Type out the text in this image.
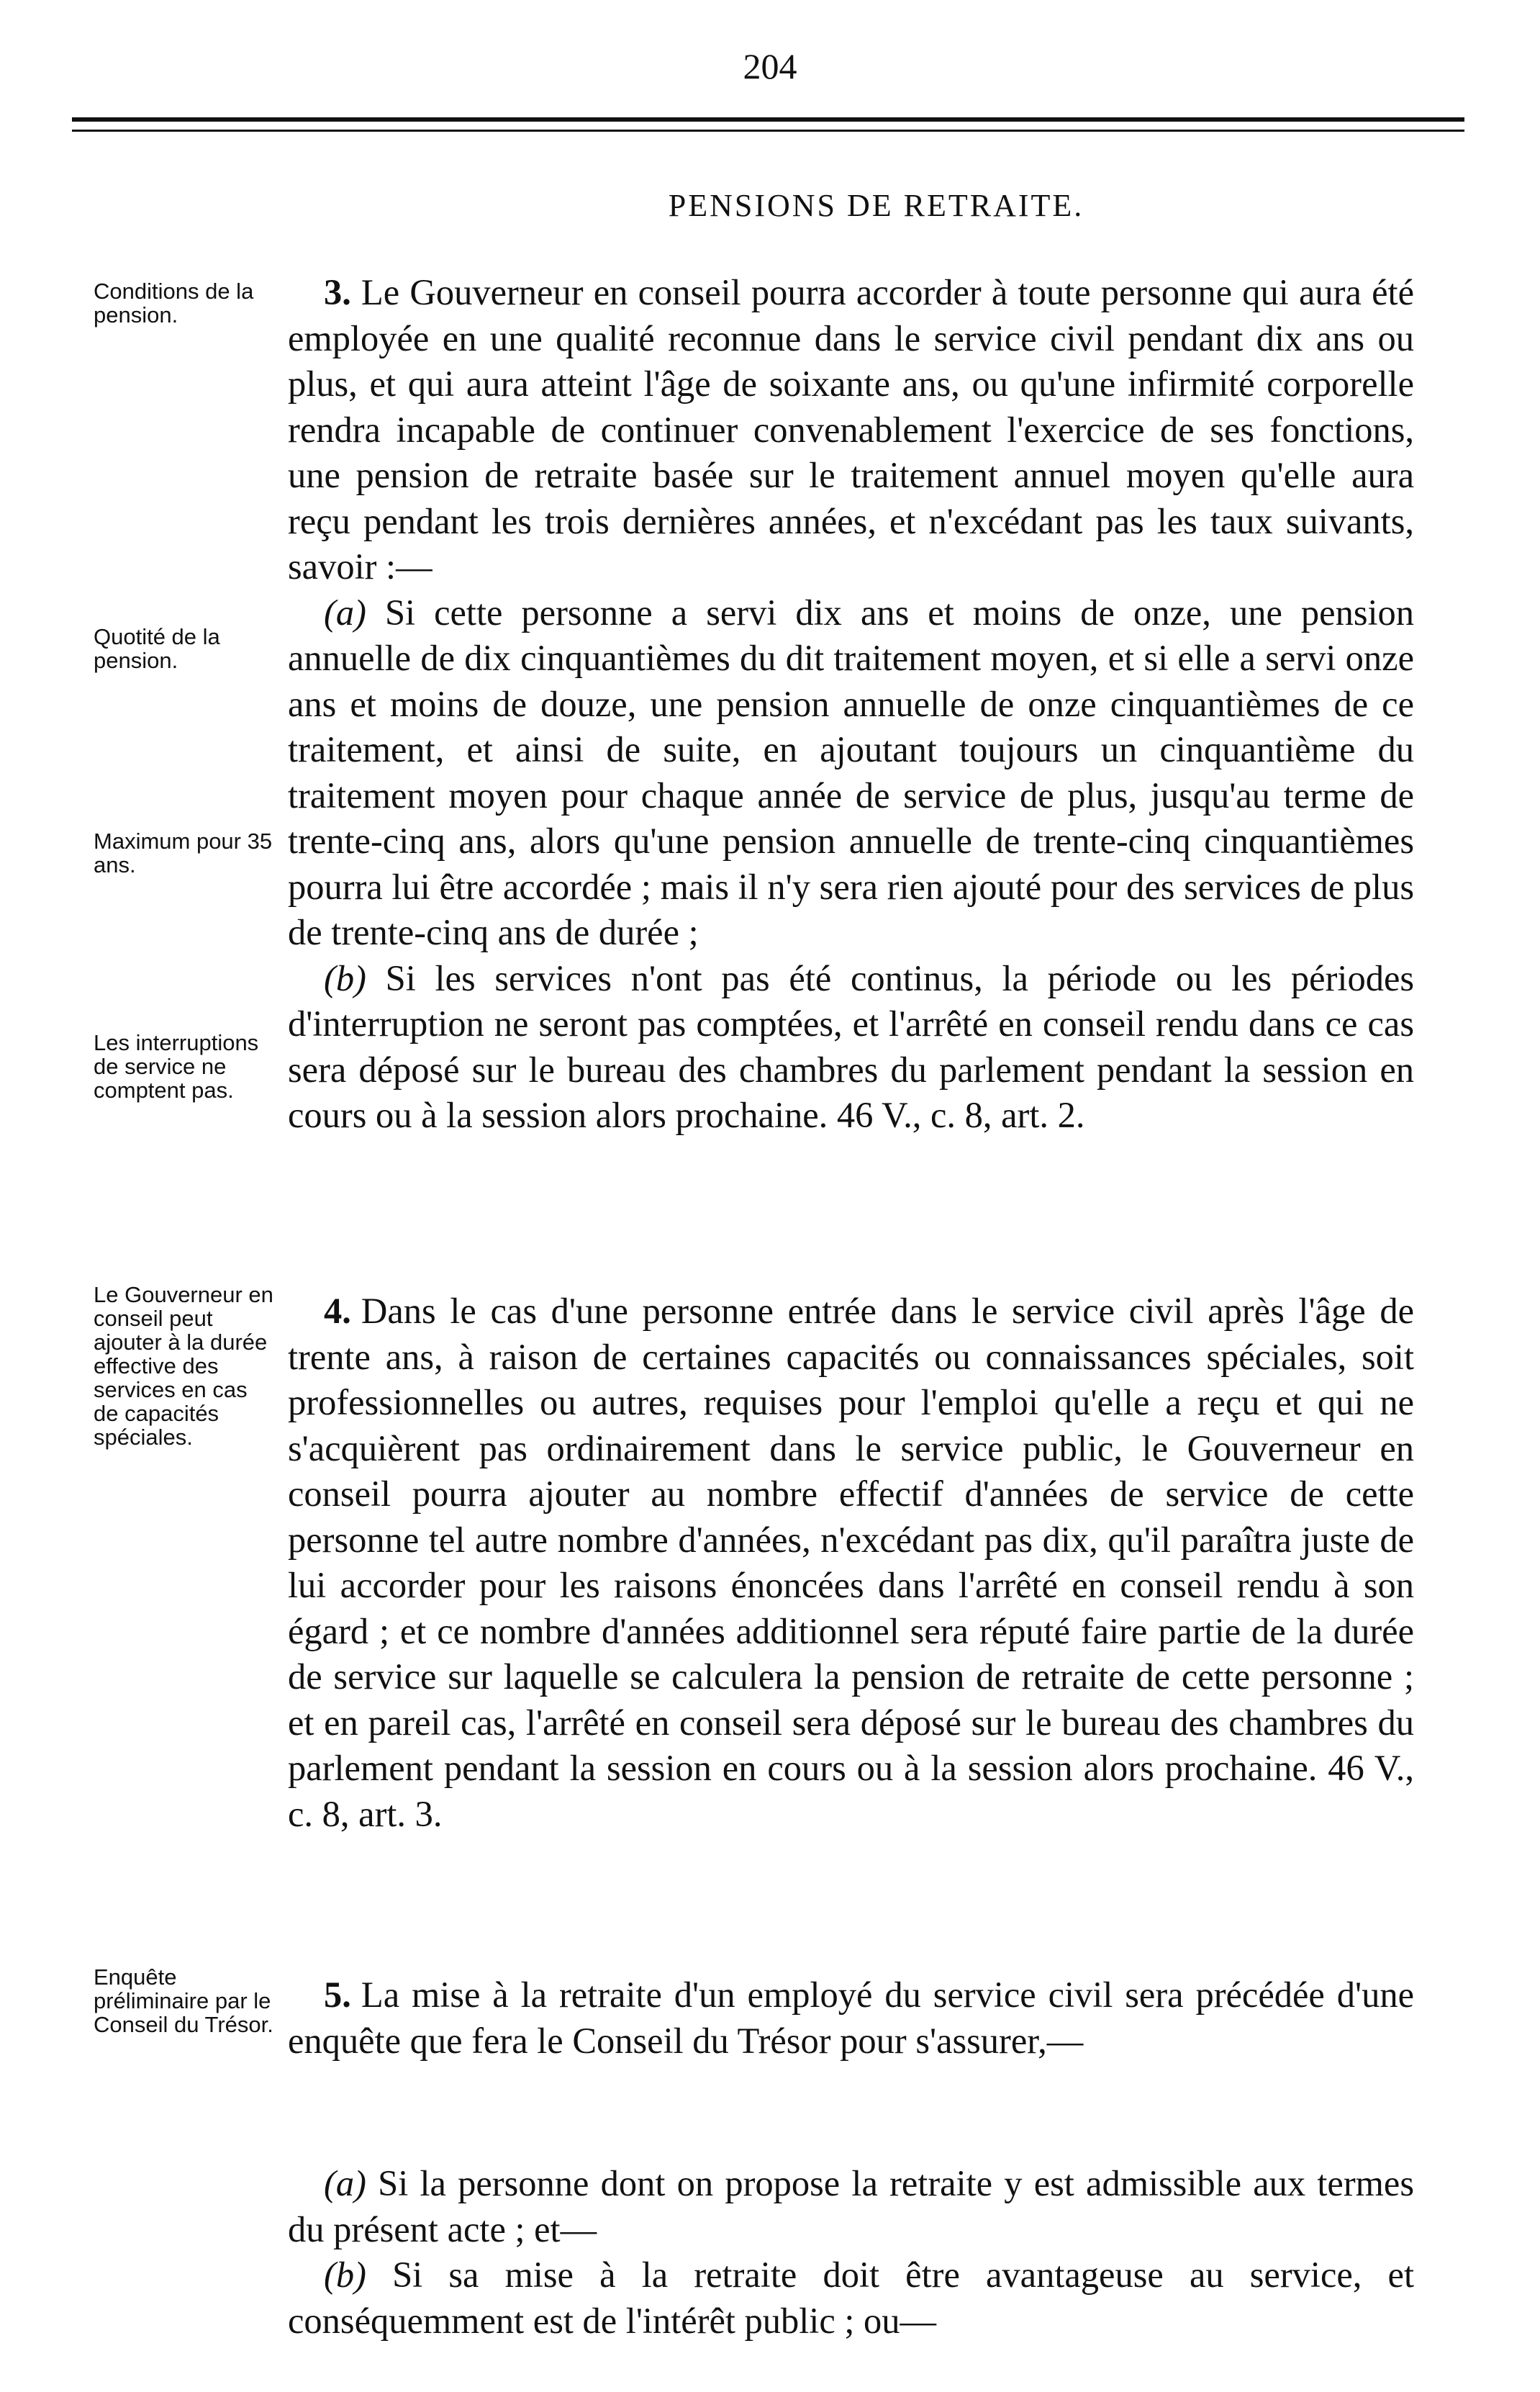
204
PENSIONS DE RETRAITE.
Conditions de la pension.
Quotité de la pension.
Maximum pour 35 ans.
Les interruptions de service ne comptent pas.
Le Gouverneur en conseil peut ajouter à la durée effective des services en cas de capacités spéciales.
Enquête préliminaire par le Conseil du Trésor.

3. Le Gouverneur en conseil pourra accorder à toute personne qui aura été employée en une qualité reconnue dans le service civil pendant dix ans ou plus, et qui aura atteint l'âge de soixante ans, ou qu'une infirmité corporelle rendra incapable de continuer convenablement l'exercice de ses fonctions, une pension de retraite basée sur le traitement annuel moyen qu'elle aura reçu pendant les trois dernières années, et n'excédant pas les taux suivants, savoir :—

(a) Si cette personne a servi dix ans et moins de onze, une pension annuelle de dix cinquantièmes du dit traitement moyen, et si elle a servi onze ans et moins de douze, une pension annuelle de onze cinquantièmes de ce traitement, et ainsi de suite, en ajoutant toujours un cinquantième du traitement moyen pour chaque année de service de plus, jusqu'au terme de trente-cinq ans, alors qu'une pension annuelle de trente-cinq cinquantièmes pourra lui être accordée ; mais il n'y sera rien ajouté pour des services de plus de trente-cinq ans de durée ;

(b) Si les services n'ont pas été continus, la période ou les périodes d'interruption ne seront pas comptées, et l'arrêté en conseil rendu dans ce cas sera déposé sur le bureau des chambres du parlement pendant la session en cours ou à la session alors prochaine. 46 V., c. 8, art. 2.

4. Dans le cas d'une personne entrée dans le service civil après l'âge de trente ans, à raison de certaines capacités ou connaissances spéciales, soit professionnelles ou autres, requises pour l'emploi qu'elle a reçu et qui ne s'acquièrent pas ordinairement dans le service public, le Gouverneur en conseil pourra ajouter au nombre effectif d'années de service de cette personne tel autre nombre d'années, n'excédant pas dix, qu'il paraîtra juste de lui accorder pour les raisons énoncées dans l'arrêté en conseil rendu à son égard ; et ce nombre d'années additionnel sera réputé faire partie de la durée de service sur laquelle se calculera la pension de retraite de cette personne ; et en pareil cas, l'arrêté en conseil sera déposé sur le bureau des chambres du parlement pendant la session en cours ou à la session alors prochaine. 46 V., c. 8, art. 3.

5. La mise à la retraite d'un employé du service civil sera précédée d'une enquête que fera le Conseil du Trésor pour s'assurer,—

(a) Si la personne dont on propose la retraite y est admissible aux termes du présent acte ; et—

(b) Si sa mise à la retraite doit être avantageuse au service, et conséquemment est de l'intérêt public ; ou—
